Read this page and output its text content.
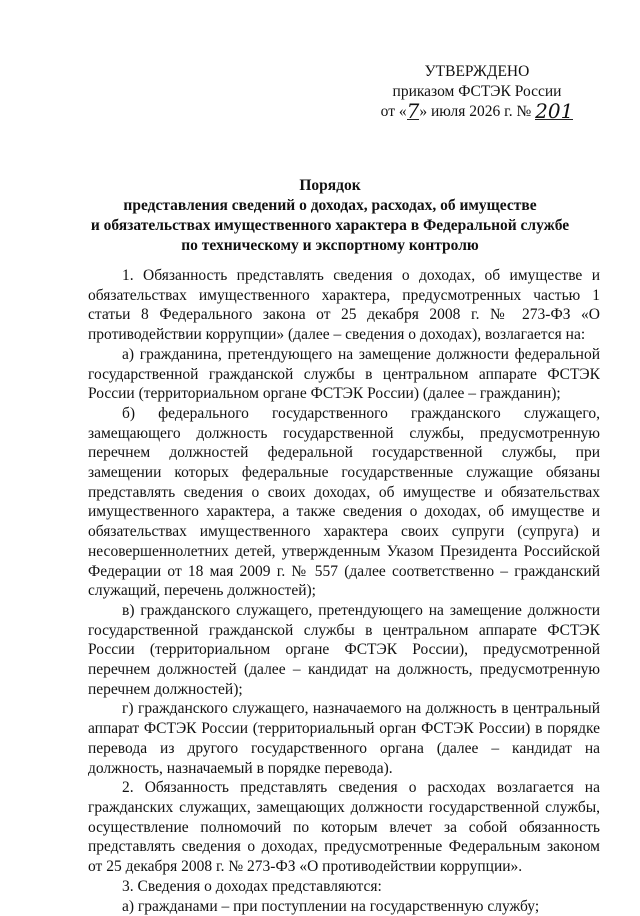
УТВЕРЖДЕНО
приказом ФСТЭК России
от «7» июля 2026 г. № 201
Порядок
представления сведений о доходах, расходах, об имуществе
и обязательствах имущественного характера в Федеральной службе
по техническому и экспортному контролю

1. Обязанность представлять сведения о доходах, об имуществе и обязательствах имущественного характера, предусмотренных частью 1 статьи 8 Федерального закона от 25 декабря 2008 г. № 273-ФЗ «О противодействии коррупции» (далее – сведения о доходах), возлагается на:

а) гражданина, претендующего на замещение должности федеральной государственной гражданской службы в центральном аппарате ФСТЭК России (территориальном органе ФСТЭК России) (далее – гражданин);

б) федерального государственного гражданского служащего, замещающего должность государственной службы, предусмотренную перечнем должностей федеральной государственной службы, при замещении которых федеральные государственные служащие обязаны представлять сведения о своих доходах, об имуществе и обязательствах имущественного характера, а также сведения о доходах, об имуществе и обязательствах имущественного характера своих супруги (супруга) и несовершеннолетних детей, утвержденным Указом Президента Российской Федерации от 18 мая 2009 г. № 557 (далее соответственно – гражданский служащий, перечень должностей);

в) гражданского служащего, претендующего на замещение должности государственной гражданской службы в центральном аппарате ФСТЭК России (территориальном органе ФСТЭК России), предусмотренной перечнем должностей (далее – кандидат на должность, предусмотренную перечнем должностей);

г) гражданского служащего, назначаемого на должность в центральный аппарат ФСТЭК России (территориальный орган ФСТЭК России) в порядке перевода из другого государственного органа (далее – кандидат на должность, назначаемый в порядке перевода).

2. Обязанность представлять сведения о расходах возлагается на гражданских служащих, замещающих должности государственной службы, осуществление полномочий по которым влечет за собой обязанность представлять сведения о доходах, предусмотренные Федеральным законом от 25 декабря 2008 г. № 273-ФЗ «О противодействии коррупции».

3. Сведения о доходах представляются:

а) гражданами – при поступлении на государственную службу;
